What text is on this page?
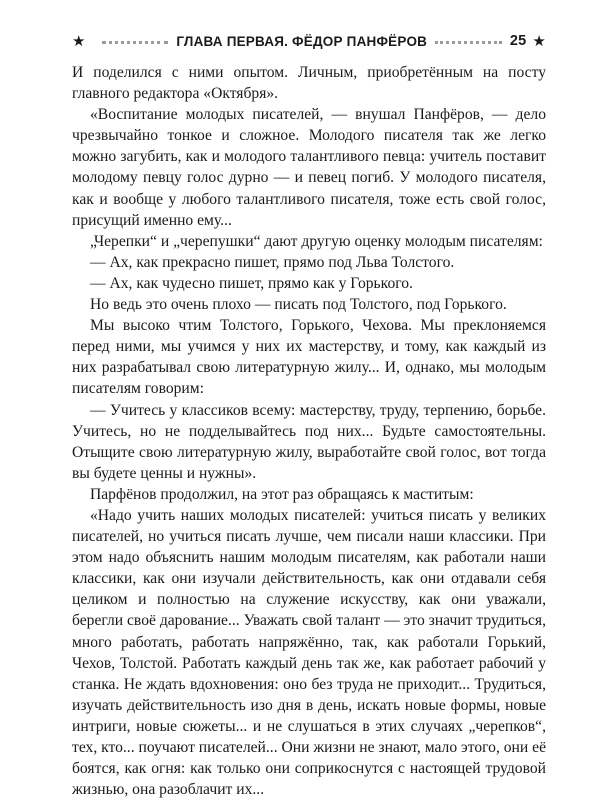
★	ГЛАВА ПЕРВАЯ. ФЁДОР ПАНФЁРОВ	25 ★

И поделился с ними опытом. Личным, приобретённым на посту главного редактора «Октября».

«Воспитание молодых писателей, — внушал Панфёров, — дело чрезвычайно тонкое и сложное. Молодого писателя так же легко можно загубить, как и молодого талантливого певца: учитель поставит молодому певцу голос дурно — и певец погиб. У молодого писателя, как и вообще у любого талантливого писателя, тоже есть свой голос, присущий именно ему...

„Черепки“ и „черепушки“ дают другую оценку молодым писателям:

— Ах, как прекрасно пишет, прямо под Льва Толстого.

— Ах, как чудесно пишет, прямо как у Горького.

Но ведь это очень плохо — писать под Толстого, под Горького.

Мы высоко чтим Толстого, Горького, Чехова. Мы преклоняемся перед ними, мы учимся у них их мастерству, и тому, как каждый из них разрабатывал свою литературную жилу... И, однако, мы молодым писателям говорим:

— Учитесь у классиков всему: мастерству, труду, терпению, борьбе. Учитесь, но не подделывайтесь под них... Будьте самостоятельны. Отыщите свою литературную жилу, выработайте свой голос, вот тогда вы будете ценны и нужны».

Парфёнов продолжил, на этот раз обращаясь к маститым:

«Надо учить наших молодых писателей: учиться писать у великих писателей, но учиться писать лучше, чем писали наши классики. При этом надо объяснить нашим молодым писателям, как работали наши классики, как они изучали действительность, как они отдавали себя целиком и полностью на служение искусству, как они уважали, берегли своё дарование... Уважать свой талант — это значит трудиться, много работать, работать напряжённо, так, как работали Горький, Чехов, Толстой. Работать каждый день так же, как работает рабочий у станка. Не ждать вдохновения: оно без труда не приходит... Трудиться, изучать действительность изо дня в день, искать новые формы, новые интриги, новые сюжеты... и не слушаться в этих случаях „черепков“, тех, кто... поучают писателей... Они жизни не знают, мало этого, они её боятся, как огня: как только они соприкоснутся с настоящей трудовой жизнью, она разоблачит их...
